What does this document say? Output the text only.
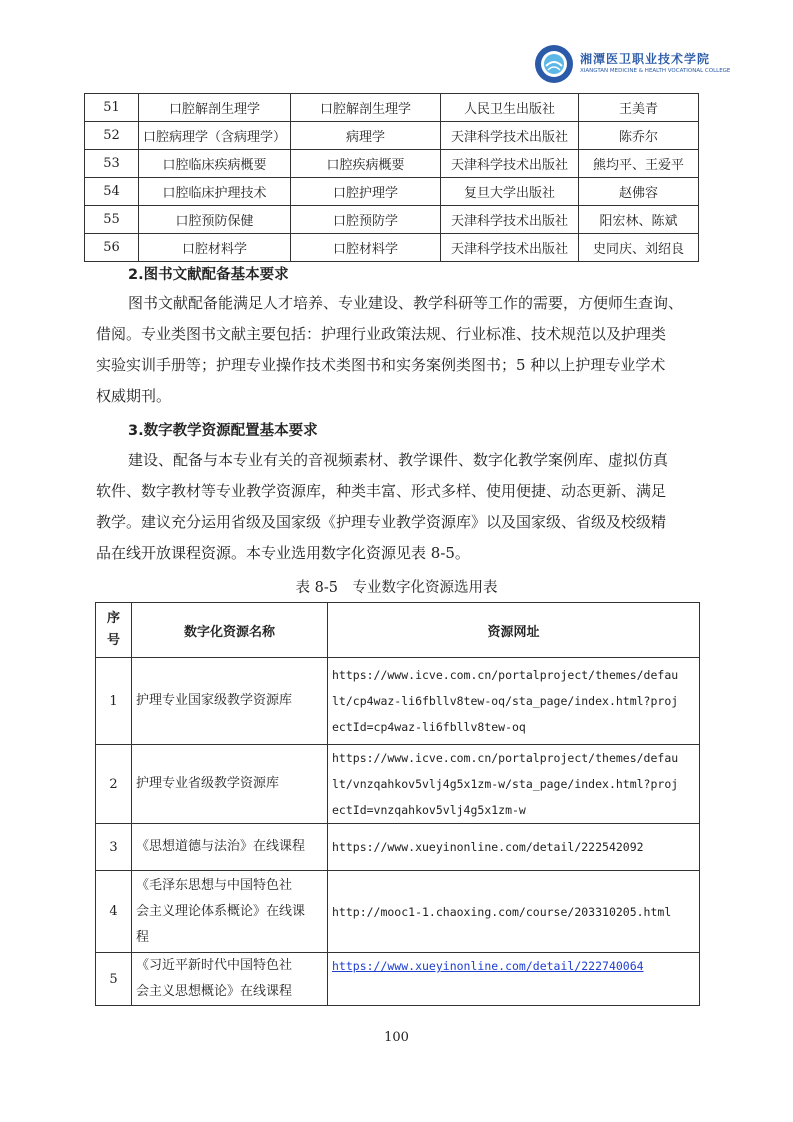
湘潭医卫职业技术学院
XIANGTAN MEDICINE & HEALTH VOCATIONAL COLLEGE
51	口腔解剖生理学	口腔解剖生理学	人民卫生出版社	王美青
52	口腔病理学（含病理学）	病理学	天津科学技术出版社	陈乔尔
53	口腔临床疾病概要	口腔疾病概要	天津科学技术出版社	熊均平、王爱平
54	口腔临床护理技术	口腔护理学	复旦大学出版社	赵佛容
55	口腔预防保健	口腔预防学	天津科学技术出版社	阳宏林、陈斌
56	口腔材料学	口腔材料学	天津科学技术出版社	史同庆、刘绍良
2.图书文献配备基本要求
图书文献配备能满足人才培养、专业建设、教学科研等工作的需要，方便师生查询、
借阅。专业类图书文献主要包括：护理行业政策法规、行业标准、技术规范以及护理类
实验实训手册等；护理专业操作技术类图书和实务案例类图书；5 种以上护理专业学术
权威期刊。
3.数字教学资源配置基本要求
建设、配备与本专业有关的音视频素材、教学课件、数字化教学案例库、虚拟仿真
软件、数字教材等专业教学资源库，种类丰富、形式多样、使用便捷、动态更新、满足
教学。建议充分运用省级及国家级《护理专业教学资源库》以及国家级、省级及校级精
品在线开放课程资源。本专业选用数字化资源见表 8-5。
表 8-5　专业数字化资源选用表
序
号	数字化资源名称	资源网址
1	护理专业国家级教学资源库	https://www.icve.com.cn/portalproject/themes/defau
lt/cp4waz-li6fbllv8tew-oq/sta_page/index.html?proj
ectId=cp4waz-li6fbllv8tew-oq

2	护理专业省级教学资源库	https://www.icve.com.cn/portalproject/themes/defau
lt/vnzqahkov5vlj4g5x1zm-w/sta_page/index.html?proj
ectId=vnzqahkov5vlj4g5x1zm-w

3	《思想道德与法治》在线课程	https://www.xueyinonline.com/detail/222542092

4	《毛泽东思想与中国特色社
会主义理论体系概论》在线课
程	http://mooc1-1.chaoxing.com/course/203310205.html

5	《习近平新时代中国特色社
会主义思想概论》在线课程	https://www.xueyinonline.com/detail/222740064
100
